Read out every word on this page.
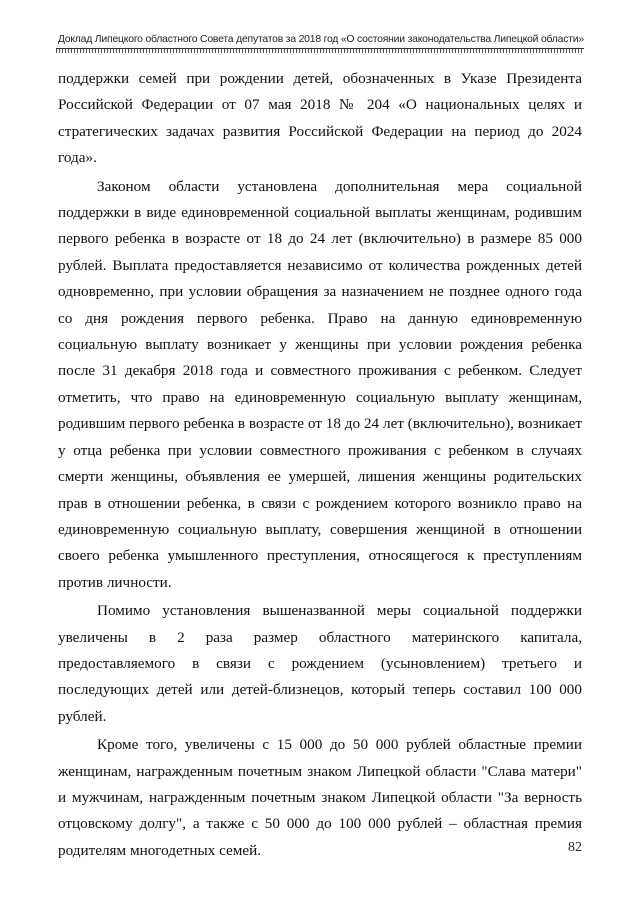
Доклад Липецкого областного Совета депутатов за 2018 год «О состоянии законодательства Липецкой области»

поддержки семей при рождении детей, обозначенных в Указе Президента Российской Федерации от 07 мая 2018 № 204 «О национальных целях и стратегических задачах развития Российской Федерации на период до 2024 года».

Законом области установлена дополнительная мера социальной поддержки в виде единовременной социальной выплаты женщинам, родившим первого ребенка в возрасте от 18 до 24 лет (включительно) в размере 85 000 рублей. Выплата предоставляется независимо от количества рожденных детей одновременно, при условии обращения за назначением не позднее одного года со дня рождения первого ребенка. Право на данную единовременную социальную выплату возникает у женщины при условии рождения ребенка после 31 декабря 2018 года и совместного проживания с ребенком. Следует отметить, что право на единовременную социальную выплату женщинам, родившим первого ребенка в возрасте от 18 до 24 лет (включительно), возникает у отца ребенка при условии совместного проживания с ребенком в случаях смерти женщины, объявления ее умершей, лишения женщины родительских прав в отношении ребенка, в связи с рождением которого возникло право на единовременную социальную выплату, совершения женщиной в отношении своего ребенка умышленного преступления, относящегося к преступлениям против личности.

Помимо установления вышеназванной меры социальной поддержки увеличены в 2 раза размер областного материнского капитала, предоставляемого в связи с рождением (усыновлением) третьего и последующих детей или детей-близнецов, который теперь составил 100 000 рублей.

Кроме того, увеличены с 15 000 до 50 000 рублей областные премии женщинам, награжденным почетным знаком Липецкой области "Слава матери" и мужчинам, награжденным почетным знаком Липецкой области "За верность отцовскому долгу", а также с 50 000 до 100 000 рублей – областная премия родителям многодетных семей.	82
